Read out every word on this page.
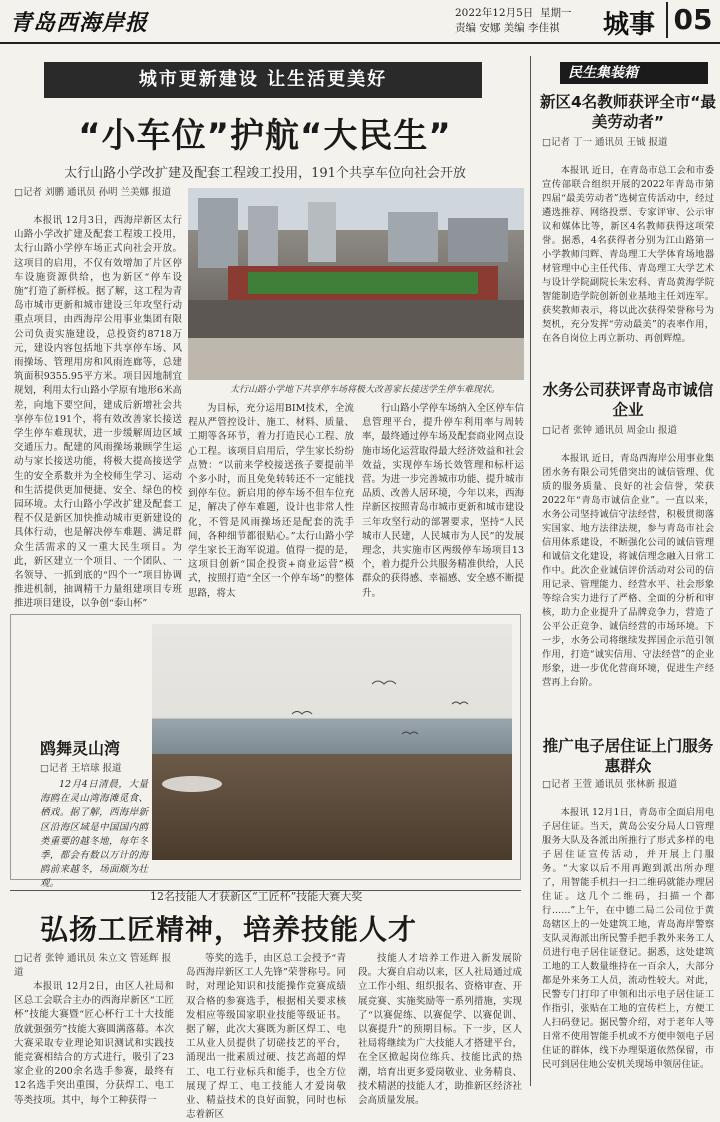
青岛西海岸报	2022年12月5日 星期一
责编 安娜 美编 李佳祺	城事 05
城市更新建设 让生活更美好
“小车位”护航“大民生”
太行山路小学改扩建及配套工程竣工投用，191个共享车位向社会开放
□记者 刘鹏 通讯员 孙明 兰美娜 报道

本报讯 12月3日，西海岸新区太行山路小学改扩建及配套工程竣工投用，太行山路小学停车场正式向社会开放。这项目的启用，不仅有效增加了片区停车设施资源供给，也为新区“停车设施”打造了新样板。据了解，这工程为青岛市城市更新和城市建设三年攻坚行动重点项目，由西海岸公用事业集团有限公司负责实施建设，总投资约8718万元，建设内容包括地下共享停车场、风雨操场、管理用房和风雨连廊等，总建筑面积9355.95平方米。项目因地制宜规划，利用太行山路小学原有地形6米高差，向地下要空间，建成后新增社会共享停车位191个，将有效改善家长接送学生停车难现状，进一步缓解周边区域交通压力。配建的风雨操场兼顾学生运动与家长接送功能，将极大提高接送学生的安全系数并为全校师生学习、运动和生活提供更加便捷、安全、绿色的校园环境。太行山路小学改扩建及配套工程不仅是新区加快推动城市更新建设的具体行动，也是解决停车难题、满足群众生活需求的又一重大民生项目。为此，新区建立一个项目、一个团队、一名领导、一抓到底的“四个一”项目协调推进机制，抽调精干力量组建项目专班推进项目建设，以争创“泰山杯”

太行山路小学地下共享停车场将极大改善家长接送学生停车难现状。

为目标，充分运用BIM技术，全流程从严管控设计、施工、材料、质量、工期等各环节，着力打造民心工程、放心工程。该项目启用后，学生家长纷纷点赞：“以前来学校接送孩子要提前半个多小时，而且免免转转还不一定能找到停车位。新启用的停车场不但车位充足，解决了停车难题，设计也非常人性化，不管是风雨操场还是配套的洗手间，各种细节都很贴心。”太行山路小学学生家长王海军说道。值得一提的是，这项目创新“国企投资+商业运营”模式，按照打造“全区一个停车场”的整体思路，将太

行山路小学停车场纳入全区停车信息管理平台，提升停车利用率与周转率，最终通过停车场及配套商业网点设施市场化运营取得最大经济效益和社会效益，实现停车场长效管理和标杆运营。为进一步完善城市功能、提升城市品质、改善人居环境，今年以来，西海岸新区按照青岛市城市更新和城市建设三年攻坚行动的部署要求，坚持“人民城市人民建，人民城市为人民”的发展理念，共实施市区两级停车场项目13个，着力提升公共服务精准供给，人民群众的获得感、幸福感、安全感不断提升。

鸥舞灵山湾
□记者 王培球 报道

12月4日清晨，大量海鸥在灵山湾海滩觅食、栖戏。据了解，西海岸新区沿海区域是中国国内鸥类重要的越冬地，每年冬季，都会有数以万计的海鸥前来越冬，场面颇为壮观。

12名技能人才获新区“工匠杯”技能大赛大奖
弘扬工匠精神，培养技能人才
□记者 张钟 通讯员 朱立文 管延辉 报道

本报讯 12月2日，由区人社局和区总工会联合主办的西海岸新区“工匠杯”技能大赛暨“匠心杯行工十大技能放就强强劳”技能大赛圆满落幕。本次大赛采取专业理论知识测试和实践技能竞赛相结合的方式进行，吸引了23家企业的200余名选手参赛，最终有12名选手突出重围，分获焊工、电工等类技项。其中，每个工种获得一

等奖的选手，由区总工会授予“青岛西海岸新区工人先锋”荣誉称号。同时，对理论知识和技能操作竞赛成绩双合格的参赛选手，根据相关要求核发相应等级国家职业技能等级证书。据了解，此次大赛既为新区焊工、电工从业人员提供了切磋技艺的平台，涌现出一批素质过硬、技艺高超的焊工、电工行业标兵和能手，也全方位展现了焊工、电工技能人才爱岗敬业、精益技术的良好面貌，同时也标志着新区

技能人才培养工作进入新发展阶段。大赛自启动以来，区人社局通过成立工作小组、组织报名、资格审查、开展竞赛、实施奖励等一系列措施，实现了“以赛促练、以赛促学、以赛促训、以赛提升”的预期目标。下一步，区人社局将继续为广大技能人才搭建平台，在全区掀起岗位练兵、技能比武的热潮，培育出更多爱岗敬业、业务精良、技术精湛的技能人才，助推新区经济社会高质量发展。

民生集装箱
新区4名教师获评全市“最美劳动者”
□记者 丁一 通讯员 王钺 报道

本报讯 近日，在青岛市总工会和市委宣传部联合组织开展的2022年青岛市第四届“最美劳动者”选树宣传活动中，经过遴选推荐、网络投票、专家评审、公示审议和媒体比等，新区4名教师获得这项荣誉。据悉，4名获得者分别为江山路第一小学教师闫辉、青岛理工大学体育场地器材管理中心主任代伟、青岛理工大学艺术与设计学院副院长朱宏科、青岛黄海学院智能制造学院创新创业基地主任刘连军。获奖教师表示，将以此次获得荣誉称号为契机，充分发挥“劳动最美”的表率作用，在各自岗位上再立新功、再创辉煌。

水务公司获评青岛市诚信企业
□记者 张钟 通讯员 周金山 报道

本报讯 近日，青岛西海岸公用事业集团水务有限公司凭借突出的诚信管理、优质的服务质量、良好的社会信誉，荣获2022年“青岛市诚信企业”。一直以来，水务公司坚持诚信守法经营，积极贯彻落实国家、地方法律法规，参与青岛市社会信用体系建设，不断强化公司的诚信管理和诚信文化建设，将诚信理念融入日常工作中。此次企业诚信评价活动对公司的信用记录、管理能力、经营水平、社会形象等综合实力进行了严格、全面的分析和审核，助力企业提升了品牌竞争力，营造了公平公正竞争、诚信经营的市场环境。下一步，水务公司将继续发挥国企示范引领作用，打造“诚实信用、守法经营”的企业形象，进一步优化营商环境，促进生产经营再上台阶。

推广电子居住证上门服务惠群众
□记者 王萱 通讯员 张林新 报道

本报讯 12月1日，青岛市全面启用电子居住证。当天，黄岛公安分局人口管理服务大队及各派出所推行了形式多样的电子居住证宣传活动，并开展上门服务。“大家以后不用再跑到派出所办理了，用智能手机扫一扫二维码就能办理居住证。这几个二维码，扫描一个都行……”上午，在中德二局二公司位于黄岛辖区上的一处建筑工地，青岛海岸警察支队灵海派出所民警手把手教外来务工人员进行电子居住证登记。据悉，这处建筑工地的工人数量维持在一百余人，大部分都是外来务工人员，流动性较大。对此，民警专门打印了申领和出示电子居住证工作指引，张贴在工地的宣传栏上，方便工人扫码登记。据民警介绍，对于老年人等日常不使用智能手机或不方便申领电子居住证的群体，线下办理渠道依然保留，市民可到居住地公安机关现场申领居住证。
